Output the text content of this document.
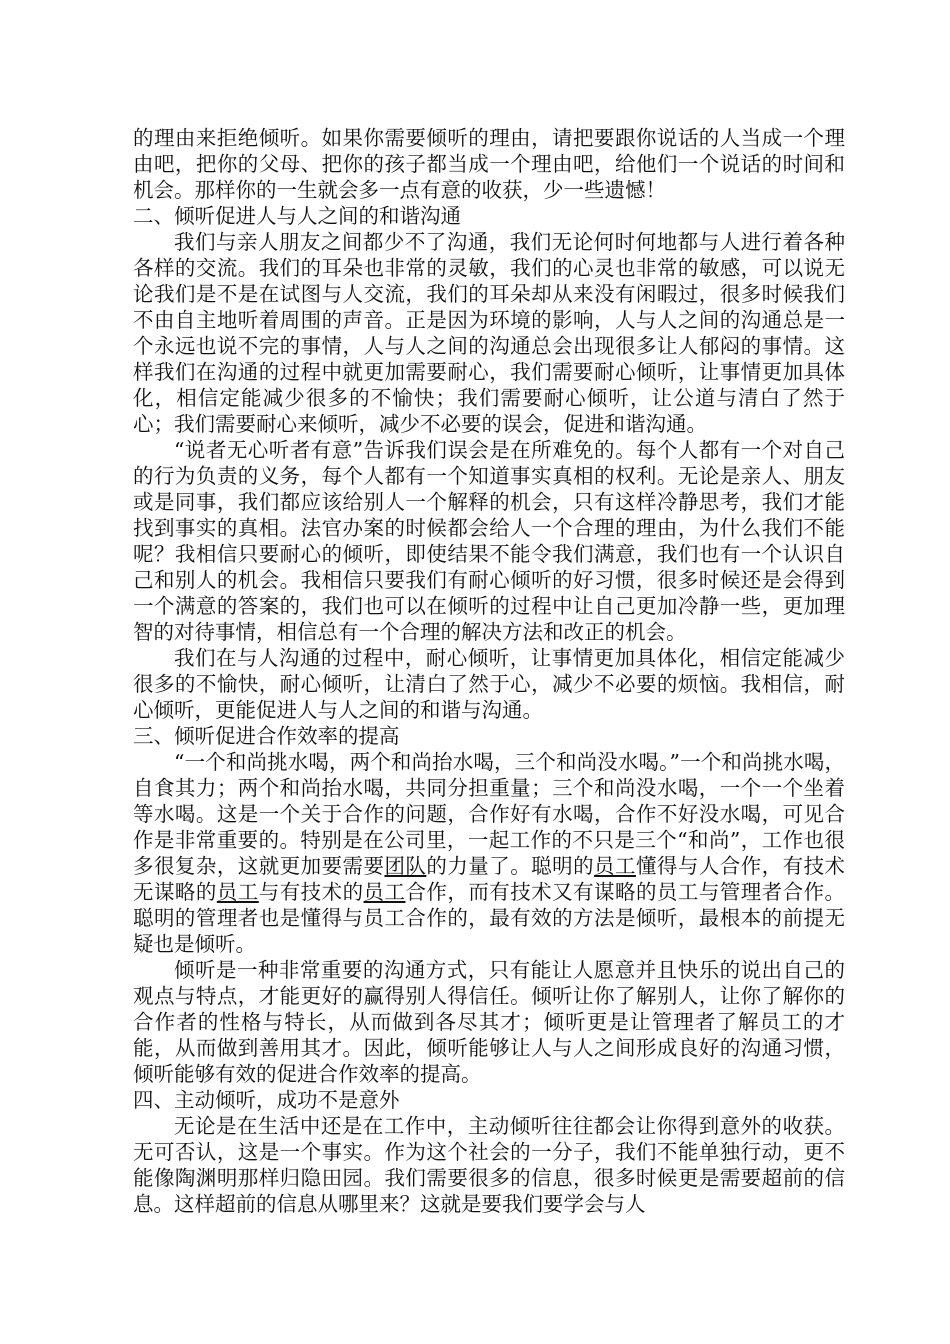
的理由来拒绝倾听。如果你需要倾听的理由，请把要跟你说话的人当成一个理由吧，把你的父母、把你的孩子都当成一个理由吧，给他们一个说话的时间和机会。那样你的一生就会多一点有意的收获，少一些遗憾！

二、倾听促进人与人之间的和谐沟通

我们与亲人朋友之间都少不了沟通，我们无论何时何地都与人进行着各种各样的交流。我们的耳朵也非常的灵敏，我们的心灵也非常的敏感，可以说无论我们是不是在试图与人交流，我们的耳朵却从来没有闲暇过，很多时候我们不由自主地听着周围的声音。正是因为环境的影响，人与人之间的沟通总是一个永远也说不完的事情，人与人之间的沟通总会出现很多让人郁闷的事情。这样我们在沟通的过程中就更加需要耐心，我们需要耐心倾听，让事情更加具体化，相信定能减少很多的不愉快；我们需要耐心倾听，让公道与清白了然于心；我们需要耐心来倾听，减少不必要的误会，促进和谐沟通。

“说者无心听者有意”告诉我们误会是在所难免的。每个人都有一个对自己的行为负责的义务，每个人都有一个知道事实真相的权利。无论是亲人、朋友或是同事，我们都应该给别人一个解释的机会，只有这样冷静思考，我们才能找到事实的真相。法官办案的时候都会给人一个合理的理由，为什么我们不能呢？我相信只要耐心的倾听，即使结果不能令我们满意，我们也有一个认识自己和别人的机会。我相信只要我们有耐心倾听的好习惯，很多时候还是会得到一个满意的答案的，我们也可以在倾听的过程中让自己更加冷静一些，更加理智的对待事情，相信总有一个合理的解决方法和改正的机会。

我们在与人沟通的过程中，耐心倾听，让事情更加具体化，相信定能减少很多的不愉快，耐心倾听，让清白了然于心，减少不必要的烦恼。我相信，耐心倾听，更能促进人与人之间的和谐与沟通。

三、倾听促进合作效率的提高

“一个和尚挑水喝，两个和尚抬水喝，三个和尚没水喝。”一个和尚挑水喝，自食其力；两个和尚抬水喝，共同分担重量；三个和尚没水喝，一个一个坐着等水喝。这是一个关于合作的问题，合作好有水喝，合作不好没水喝，可见合作是非常重要的。特别是在公司里，一起工作的不只是三个“和尚”，工作也很多很复杂，这就更加要需要团队的力量了。聪明的员工懂得与人合作，有技术无谋略的员工与有技术的员工合作，而有技术又有谋略的员工与管理者合作。聪明的管理者也是懂得与员工合作的，最有效的方法是倾听，最根本的前提无疑也是倾听。

倾听是一种非常重要的沟通方式，只有能让人愿意并且快乐的说出自己的观点与特点，才能更好的赢得别人得信任。倾听让你了解别人，让你了解你的合作者的性格与特长，从而做到各尽其才；倾听更是让管理者了解员工的才能，从而做到善用其才。因此，倾听能够让人与人之间形成良好的沟通习惯，倾听能够有效的促进合作效率的提高。

四、主动倾听，成功不是意外

无论是在生活中还是在工作中，主动倾听往往都会让你得到意外的收获。无可否认，这是一个事实。作为这个社会的一分子，我们不能单独行动，更不能像陶渊明那样归隐田园。我们需要很多的信息，很多时候更是需要超前的信息。这样超前的信息从哪里来？这就是要我们要学会与人
